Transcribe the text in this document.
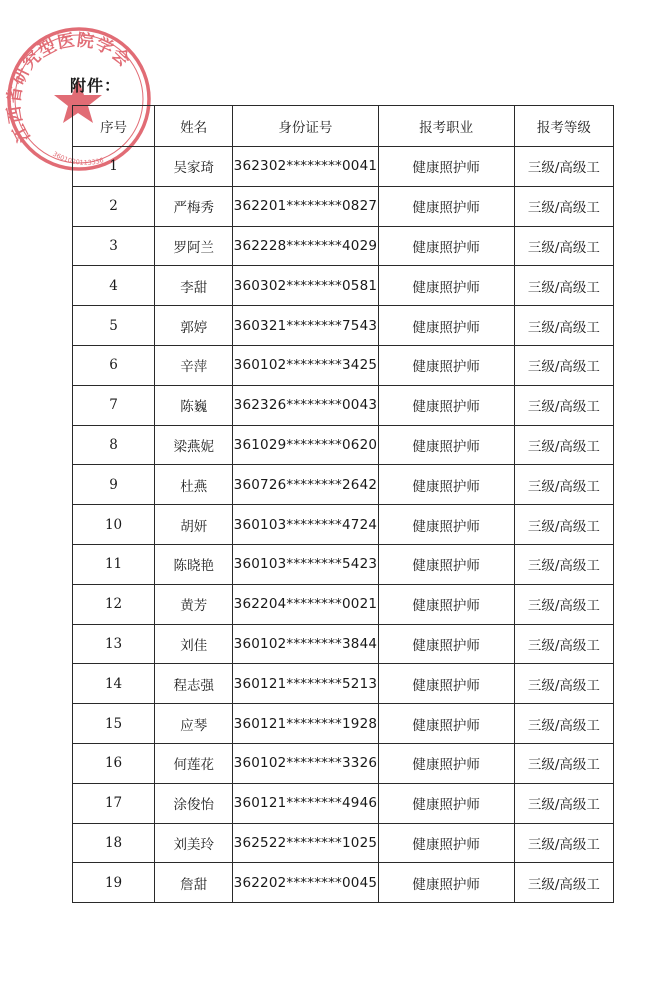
江西省研究型医院学会
3601020113336
附件：
序号	姓名	身份证号	报考职业	报考等级
1	吴家琦	362302********0041	健康照护师	三级/高级工
2	严梅秀	362201********0827	健康照护师	三级/高级工
3	罗阿兰	362228********4029	健康照护师	三级/高级工
4	李甜	360302********0581	健康照护师	三级/高级工
5	郭婷	360321********7543	健康照护师	三级/高级工
6	辛萍	360102********3425	健康照护师	三级/高级工
7	陈巍	362326********0043	健康照护师	三级/高级工
8	梁燕妮	361029********0620	健康照护师	三级/高级工
9	杜燕	360726********2642	健康照护师	三级/高级工
10	胡妍	360103********4724	健康照护师	三级/高级工
11	陈晓艳	360103********5423	健康照护师	三级/高级工
12	黄芳	362204********0021	健康照护师	三级/高级工
13	刘佳	360102********3844	健康照护师	三级/高级工
14	程志强	360121********5213	健康照护师	三级/高级工
15	应琴	360121********1928	健康照护师	三级/高级工
16	何莲花	360102********3326	健康照护师	三级/高级工
17	涂俊怡	360121********4946	健康照护师	三级/高级工
18	刘美玲	362522********1025	健康照护师	三级/高级工
19	詹甜	362202********0045	健康照护师	三级/高级工
